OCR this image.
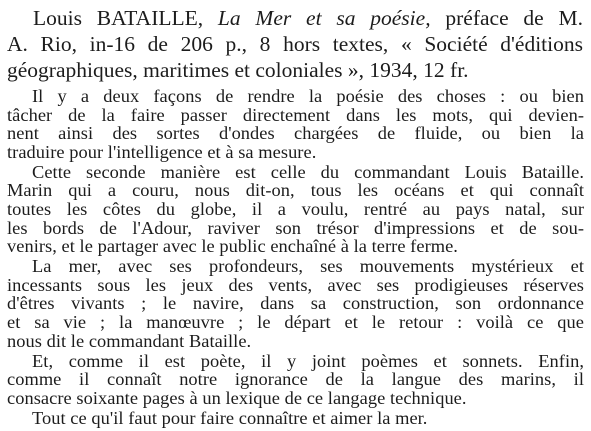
Louis BATAILLE, La Mer et sa poésie, préface de M.
A. Rio, in-16 de 206 p., 8 hors textes, « Société d'éditions
géographiques, maritimes et coloniales », 1934, 12 fr.
Il y a deux façons de rendre la poésie des choses : ou bien
tâcher de la faire passer directement dans les mots, qui devien-
nent ainsi des sortes d'ondes chargées de fluide, ou bien la
traduire pour l'intelligence et à sa mesure.
Cette seconde manière est celle du commandant Louis Bataille.
Marin qui a couru, nous dit-on, tous les océans et qui connaît
toutes les côtes du globe, il a voulu, rentré au pays natal, sur
les bords de l'Adour, raviver son trésor d'impressions et de sou-
venirs, et le partager avec le public enchaîné à la terre ferme.
La mer, avec ses profondeurs, ses mouvements mystérieux et
incessants sous les jeux des vents, avec ses prodigieuses réserves
d'êtres vivants ; le navire, dans sa construction, son ordonnance
et sa vie ; la manœuvre ; le départ et le retour : voilà ce que
nous dit le commandant Bataille.
Et, comme il est poète, il y joint poèmes et sonnets. Enfin,
comme il connaît notre ignorance de la langue des marins, il
consacre soixante pages à un lexique de ce langage technique.
Tout ce qu'il faut pour faire connaître et aimer la mer.
